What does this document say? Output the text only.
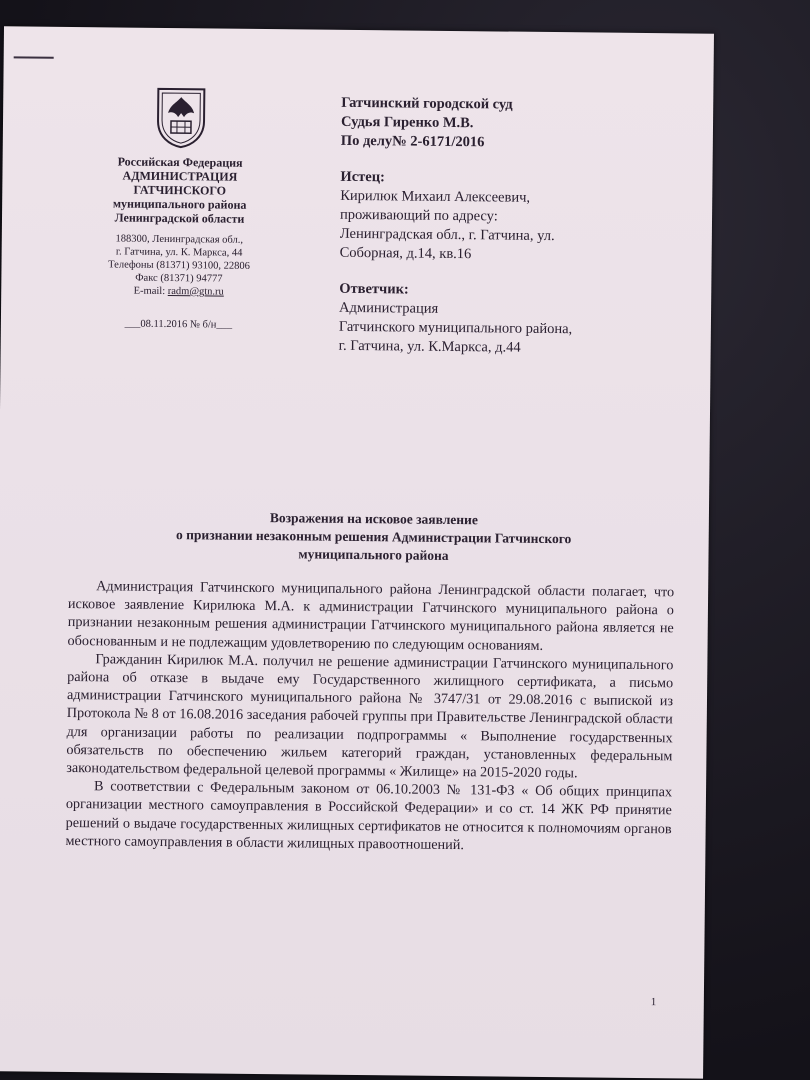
Российская Федерация
АДМИНИСТРАЦИЯ
ГАТЧИНСКОГО
муниципального района
Ленинградской области
188300, Ленинградская обл.,
г. Гатчина, ул. К. Маркса, 44
Телефоны (81371) 93100, 22806
Факс (81371) 94777
E-mail: radm@gtn.ru
___08.11.2016 № б/н___
Гатчинский городской суд
Судья Гиренко М.В.
По делу№ 2-6171/2016
Истец:
Кирилюк Михаил Алексеевич,
проживающий по адресу:
Ленинградская обл., г. Гатчина, ул.
Соборная, д.14, кв.16
Ответчик:
Администрация
Гатчинского муниципального района,
г. Гатчина, ул. К.Маркса, д.44
Возражения на исковое заявление
о признании незаконным решения Администрации Гатчинского
муниципального района

Администрация Гатчинского муниципального района Ленинградской области полагает, что исковое заявление Кирилюка М.А. к администрации Гатчинского муниципального района о признании незаконным решения администрации Гатчинского муниципального района является не обоснованным и не подлежащим удовлетворению по следующим основаниям.

Гражданин Кирилюк М.А. получил не решение администрации Гатчинского муниципального района об отказе в выдаче ему Государственного жилищного сертификата, а письмо администрации Гатчинского муниципального района № 3747/31 от 29.08.2016 с выпиской из Протокола № 8 от 16.08.2016 заседания рабочей группы при Правительстве Ленинградской области для организации работы по реализации подпрограммы « Выполнение государственных обязательств по обеспечению жильем категорий граждан, установленных федеральным законодательством федеральной целевой программы « Жилище» на 2015-2020 годы.

В соответствии с Федеральным законом от 06.10.2003 № 131-ФЗ « Об общих принципах организации местного самоуправления в Российской Федерации» и со ст. 14 ЖК РФ принятие решений о выдаче государственных жилищных сертификатов не относится к полномочиям органов местного самоуправления в области жилищных правоотношений.

1
